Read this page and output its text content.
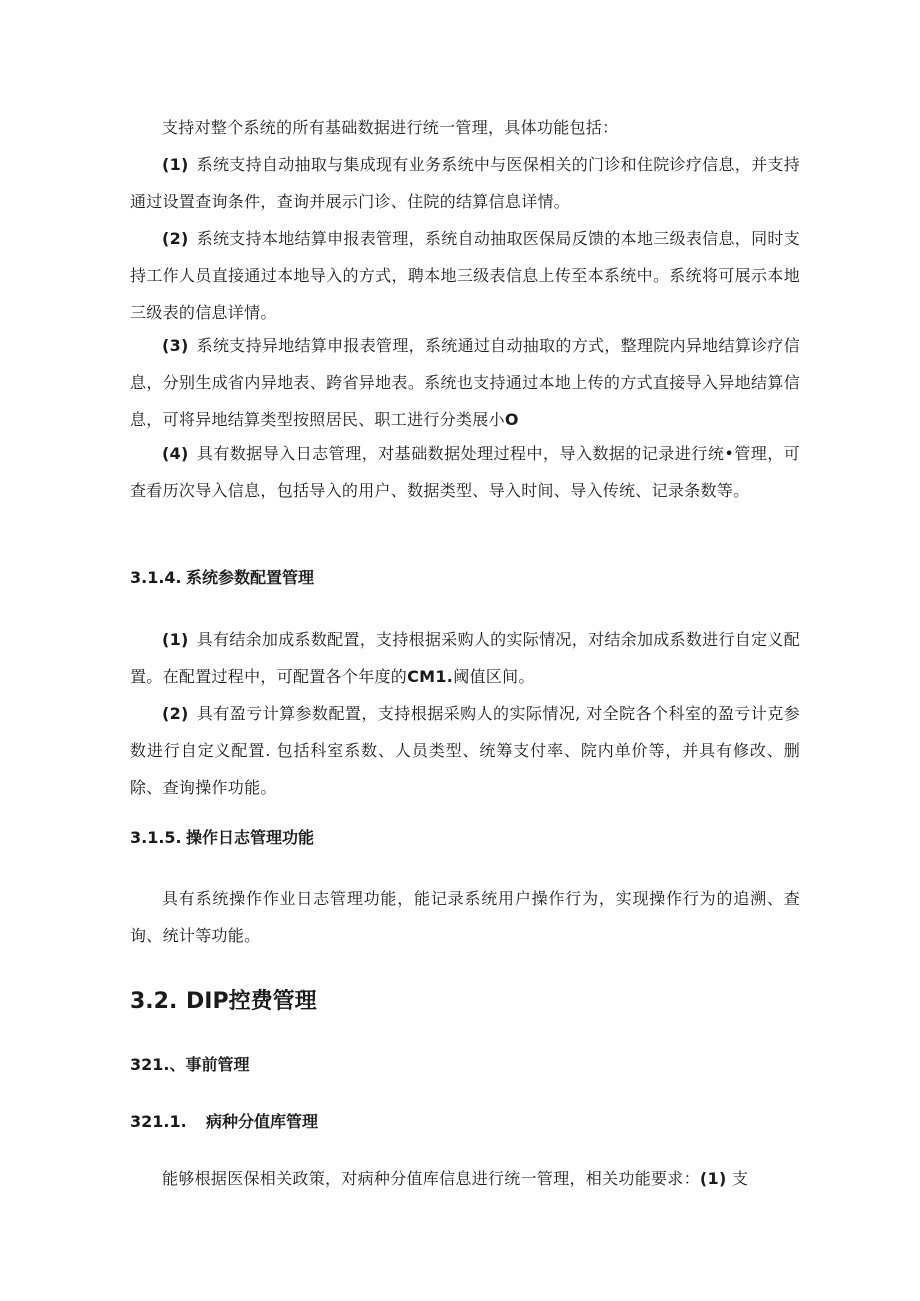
支持对整个系统的所有基础数据进行统一管理，具体功能包括：

(1) 系统支持自动抽取与集成现有业务系统中与医保相关的门诊和住院诊疗信息，并支持通过设置查询条件，查询并展示门诊、住院的结算信息详情。

(2) 系统支持本地结算申报表管理，系统自动抽取医保局反馈的本地三级表信息，同时支持工作人员直接通过本地导入的方式，聘本地三级表信息上传至本系统中。系统将可展示本地三级表的信息详情。

(3) 系统支持异地结算申报表管理，系统通过自动抽取的方式，整理院内异地结算诊疗信息，分别生成省内异地表、跨省异地表。系统也支持通过本地上传的方式直接导入异地结算信息，可将异地结算类型按照居民、职工进行分类展小O

(4) 具有数据导入日志管理，对基础数据处理过程中，导入数据的记录进行统•管理，可查看历次导入信息，包括导入的用户、数据类型、导入时间、导入传统、记录条数等。

3.1.4. 系统参数配置管理

(1) 具有结余加成系数配置，支持根据采购人的实际情况，对结余加成系数进行自定义配置。在配置过程中，可配置各个年度的CM1.阈值区间。

(2) 具有盈亏计算参数配置，支持根据采购人的实际情况, 对全院各个科室的盈亏计克参数进行自定义配置. 包括科室系数、人员类型、统筹支付率、院内单价等，并具有修改、删除、查询操作功能。

3.1.5. 操作日志管理功能

具有系统操作作业日志管理功能，能记录系统用户操作行为，实现操作行为的追溯、查询、统计等功能。

3.2. DIP控费管理
321.、事前管理
321.1. 病种分值库管理

能够根据医保相关政策，对病种分值库信息进行统一管理，相关功能要求：(1) 支
